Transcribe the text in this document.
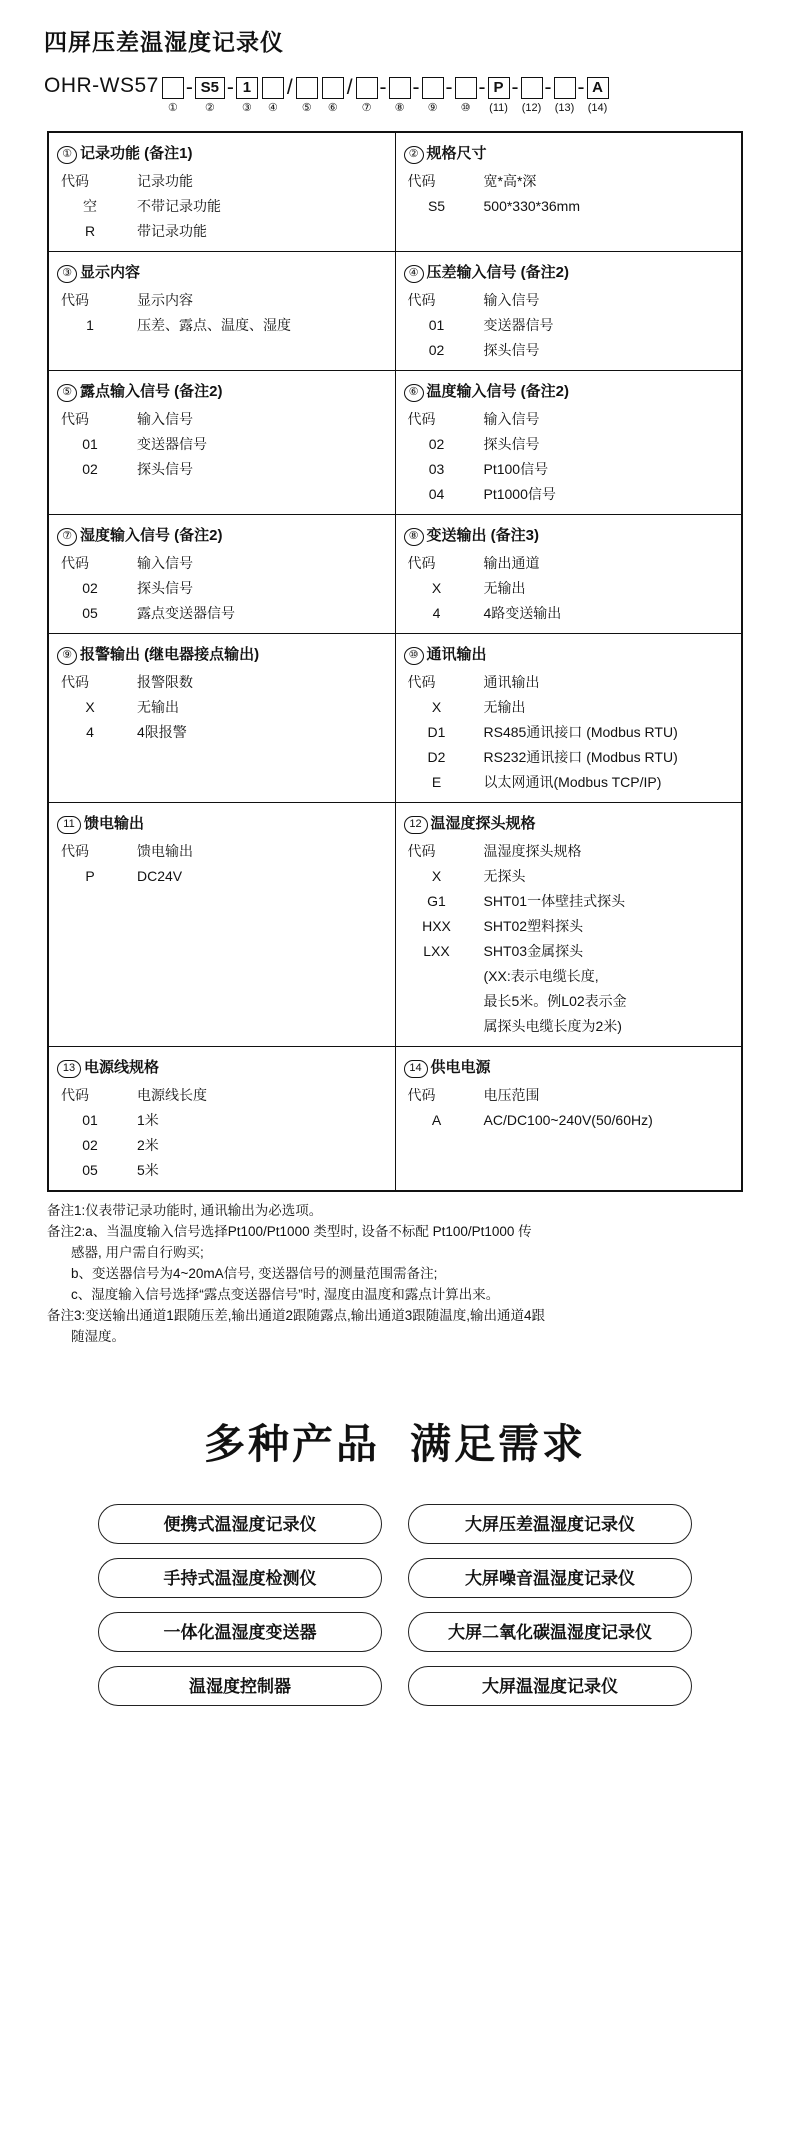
四屏压差温湿度记录仪
OHR-WS57	- S5 - 1 /	/ - - - - P - - - A
①	②	③	④	⑤	⑥	⑦	⑧	⑨	⑩	(11)	(12)	(13)	(14)
① 记录功能 (备注1)
代码	记录功能
空	不带记录功能
R	带记录功能

② 规格尺寸
代码	宽*高*深
S5	500*330*36mm

③ 显示内容
代码	显示内容
1	压差、露点、温度、湿度

④ 压差输入信号 (备注2)
代码	输入信号
01	变送器信号
02	探头信号

⑤ 露点输入信号 (备注2)
代码	输入信号
01	变送器信号
02	探头信号

⑥ 温度输入信号 (备注2)
代码	输入信号
02	探头信号
03	Pt100信号
04	Pt1000信号

⑦ 湿度输入信号 (备注2)
代码	输入信号
02	探头信号
05	露点变送器信号

⑧ 变送输出 (备注3)
代码	输出通道
X	无输出
4	4路变送输出

⑨ 报警输出 (继电器接点输出)
代码	报警限数
X	无输出
4	4限报警

⑩ 通讯输出
代码	通讯输出
X	无输出
D1	RS485通讯接口 (Modbus RTU)
D2	RS232通讯接口 (Modbus RTU)
E	以太网通讯(Modbus TCP/IP)

11 馈电输出
代码	馈电输出
P	DC24V

12 温湿度探头规格
代码	温湿度探头规格
X	无探头
G1	SHT01一体壁挂式探头
HXX	SHT02塑料探头
LXX	SHT03金属探头
	(XX:表示电缆长度,
	最长5米。例L02表示金
	属探头电缆长度为2米)

13 电源线规格
代码	电源线长度
01	1米
02	2米
05	5米

14 供电电源
代码	电压范围
A	AC/DC100~240V(50/60Hz)

备注1:仪表带记录功能时, 通讯输出为必选项。

备注2:a、当温度输入信号选择Pt100/Pt1000 类型时, 设备不标配 Pt100/Pt1000 传

感器, 用户需自行购买;

b、变送器信号为4~20mA信号, 变送器信号的测量范围需备注;

c、湿度输入信号选择“露点变送器信号”时, 湿度由温度和露点计算出来。

备注3:变送输出通道1跟随压差,输出通道2跟随露点,输出通道3跟随温度,输出通道4跟

随湿度。

多种产品 满足需求
便携式温湿度记录仪
手持式温湿度检测仪
一体化温湿度变送器
温湿度控制器
大屏压差温湿度记录仪
大屏噪音温湿度记录仪
大屏二氧化碳温湿度记录仪
大屏温湿度记录仪
